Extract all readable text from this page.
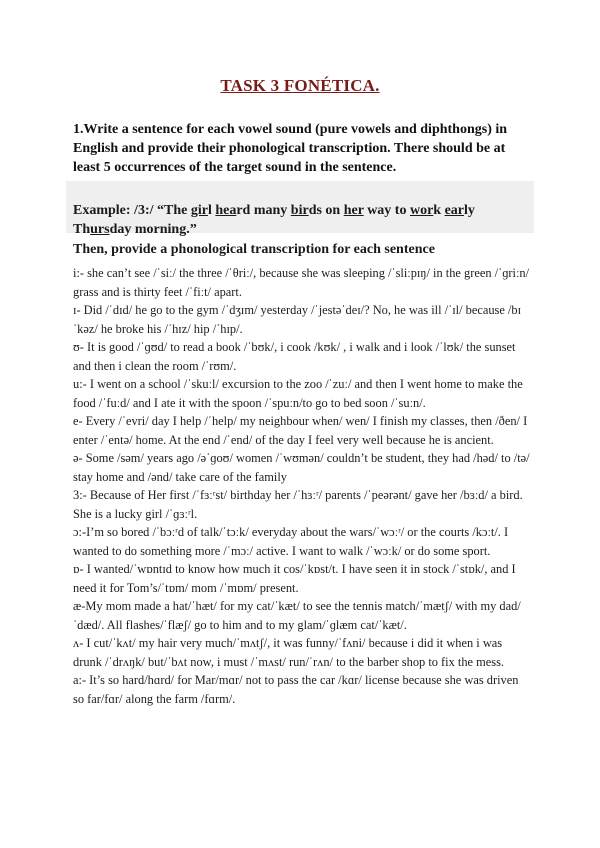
TASK 3 FONÉTICA.
1.Write a sentence for each vowel sound (pure vowels and diphthongs) in English and provide their phonological transcription. There should be at least 5 occurrences of the target sound in the sentence.
Example: /3:/ “The girl heard many birds on her way to work early Thursday morning.”
Then, provide a phonological transcription for each sentence

i:- she can’t see /ˈsiː/ the three /ˈθriː/, because she was sleeping /ˈsliːpɪŋ/ in the green /ˈɡriːn/ grass and is thirty feet /ˈfiːt/ apart.

ɪ- Did /ˈdɪd/ he go to the gym /ˈdʒɪm/ yesterday /ˈjestəˈdeɪ/? No, he was ill /ˈɪl/ because /bɪˈkəz/ he broke his /ˈhɪz/ hip /ˈhɪp/.

ʊ- It is good /ˈɡʊd/ to read a book /ˈbʊk/, i cook /kʊk/ , i walk and i look /ˈlʊk/ the sunset and then i clean the room /ˈrʊm/.

u:- I went on a school /ˈskuːl/ excursion to the zoo /ˈzuː/ and then I went home to make the food /ˈfuːd/ and I ate it with the spoon /ˈspuːn/to go to bed soon /ˈsuːn/.

e- Every /ˈevri/ day I help /ˈhelp/ my neighbour when/ wen/ I finish my classes, then /ðen/ I enter /ˈentə/ home. At the end /ˈend/ of the day I feel very well because he is ancient.

ə- Some /səm/ years ago /əˈɡoʊ/ women /ˈwʊmən/ couldn’t be student, they had /həd/ to /tə/ stay home and /ənd/ take care of the family

3:- Because of Her first /ˈfɜːʳst/ birthday her /ˈhɜːʳ/ parents /ˈpeərənt/ gave her /bɜːd/ a bird. She is a lucky girl /ˈɡɜːʳl.

ɔ:-I’m so bored /ˈbɔːʳd of talk/ˈtɔːk/ everyday about the wars/ˈwɔːʳ/ or the courts /kɔːt/. I wanted to do something more /ˈmɔː/ active. I want to walk /ˈwɔːk/ or do some sport.

ɒ- I wanted/ˈwɒntɪd to know how much it cos/ˈkɒst/t. I have seen it in stock /ˈstɒk/, and I need it for Tom’s/ˈtɒm/ mom /ˈmɒm/ present.

æ-My mom made a hat/ˈhæt/ for my cat/ˈkæt/ to see the tennis match/ˈmætʃ/ with my dad/ˈdæd/. All flashes/ˈflæʃ/ go to him and to my glam/ˈɡlæm cat/ˈkæt/.

ʌ- I cut/ˈkʌt/ my hair very much/ˈmʌtʃ/, it was funny/ˈfʌni/ because i did it when i was drunk /ˈdrʌŋk/ but/ˈbʌt now, i must /ˈmʌst/ run/ˈrʌn/ to the barber shop to fix the mess.

a:- It’s so hard/hɑrd/ for Mar/mɑr/ not to pass the car /kɑr/ license because she was driven so far/fɑr/ along the farm /fɑrm/.
